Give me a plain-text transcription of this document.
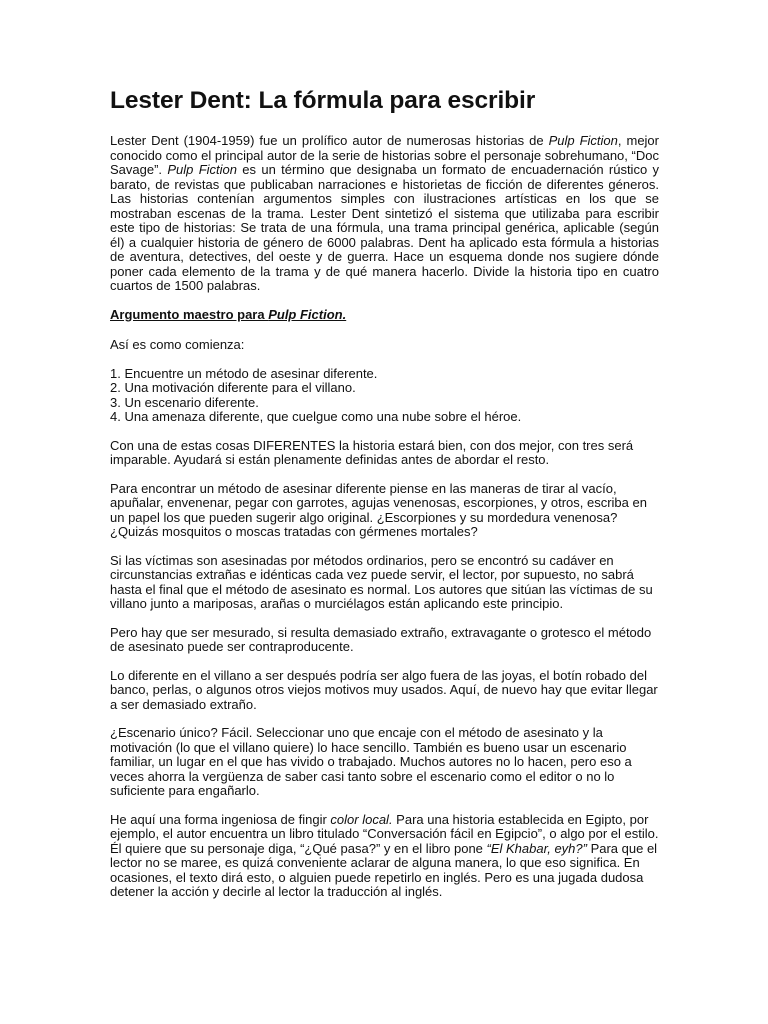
Lester Dent: La fórmula para escribir

Lester Dent (1904-1959) fue un prolífico autor de numerosas historias de Pulp Fiction, mejor conocido como el principal autor de la serie de historias sobre el personaje sobrehumano, “Doc Savage”. Pulp Fiction es un término que designaba un formato de encuadernación rústico y barato, de revistas que publicaban narraciones e historietas de ficción de diferentes géneros. Las historias contenían argumentos simples con ilustraciones artísticas en los que se mostraban escenas de la trama. Lester Dent sintetizó el sistema que utilizaba para escribir este tipo de historias: Se trata de una fórmula, una trama principal genérica, aplicable (según él) a cualquier historia de género de 6000 palabras. Dent ha aplicado esta fórmula a historias de aventura, detectives, del oeste y de guerra. Hace un esquema donde nos sugiere dónde poner cada elemento de la trama y de qué manera hacerlo. Divide la historia tipo en cuatro cuartos de 1500 palabras.

Argumento maestro para Pulp Fiction.

Así es como comienza:

1. Encuentre un método de asesinar diferente.
2. Una motivación diferente para el villano.
3. Un escenario diferente.
4. Una amenaza diferente, que cuelgue como una nube sobre el héroe.

Con una de estas cosas DIFERENTES la historia estará bien, con dos mejor, con tres será imparable. Ayudará si están plenamente definidas antes de abordar el resto.

Para encontrar un método de asesinar diferente piense en las maneras de tirar al vacío, apuñalar, envenenar, pegar con garrotes, agujas venenosas, escorpiones, y otros, escriba en un papel los que pueden sugerir algo original. ¿Escorpiones y su mordedura venenosa? ¿Quizás mosquitos o moscas tratadas con gérmenes mortales?

Si las víctimas son asesinadas por métodos ordinarios, pero se encontró su cadáver en circunstancias extrañas e idénticas cada vez puede servir, el lector, por supuesto, no sabrá hasta el final que el método de asesinato es normal. Los autores que sitúan las víctimas de su villano junto a mariposas, arañas o murciélagos están aplicando este principio.

Pero hay que ser mesurado, si resulta demasiado extraño, extravagante o grotesco el método de asesinato puede ser contraproducente.

Lo diferente en el villano a ser después podría ser algo fuera de las joyas, el botín robado del banco, perlas, o algunos otros viejos motivos muy usados. Aquí, de nuevo hay que evitar llegar a ser demasiado extraño.

¿Escenario único? Fácil. Seleccionar uno que encaje con el método de asesinato y la motivación (lo que el villano quiere) lo hace sencillo. También es bueno usar un escenario familiar, un lugar en el que has vivido o trabajado. Muchos autores no lo hacen, pero eso a veces ahorra la vergüenza de saber casi tanto sobre el escenario como el editor o no lo suficiente para engañarlo.

He aquí una forma ingeniosa de fingir color local. Para una historia establecida en Egipto, por ejemplo, el autor encuentra un libro titulado “Conversación fácil en Egipcio”, o algo por el estilo. Él quiere que su personaje diga, “¿Qué pasa?” y en el libro pone “El Khabar, eyh?” Para que el lector no se maree, es quizá conveniente aclarar de alguna manera, lo que eso significa. En ocasiones, el texto dirá esto, o alguien puede repetirlo en inglés. Pero es una jugada dudosa detener la acción y decirle al lector la traducción al inglés.
